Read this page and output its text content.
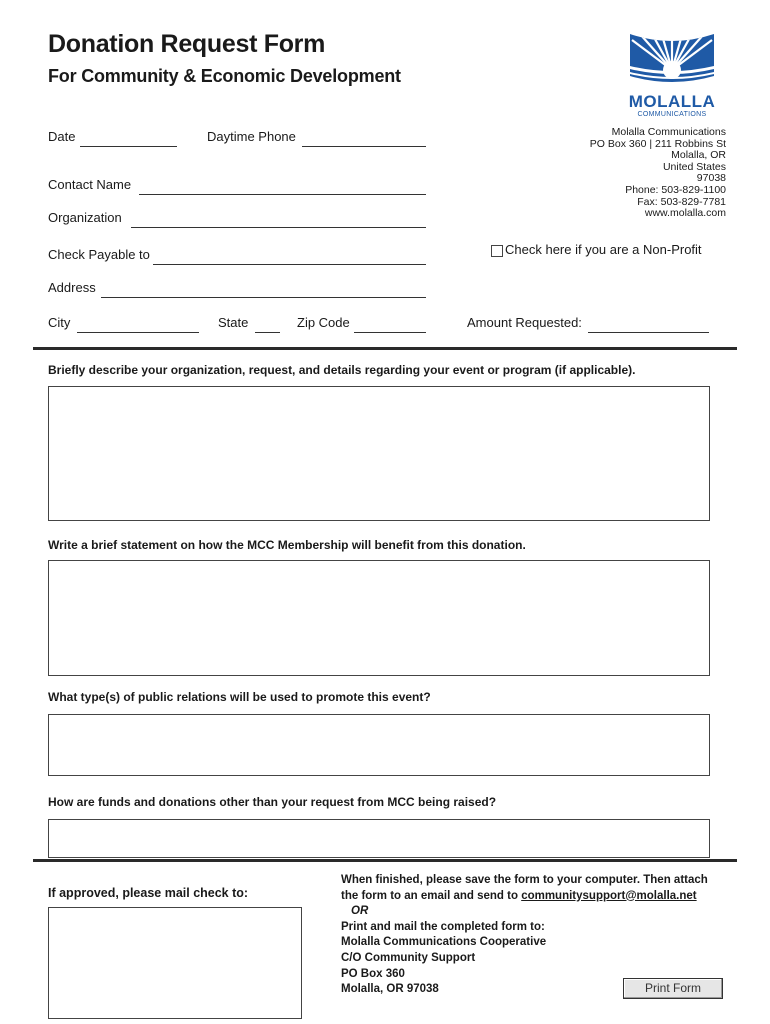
Donation Request Form
For Community & Economic Development
MOLALLA
COMMUNICATIONS
Molalla Communications
PO Box 360 | 211 Robbins St
Molalla, OR
United States
97038
Phone: 503-829-1100
Fax: 503-829-7781
www.molalla.com
Date	Daytime Phone
Contact Name
Organization
Check Payable to	Check here if you are a Non-Profit
Address
City	State	Zip Code	Amount Requested:
Briefly describe your organization, request, and details regarding your event or program (if applicable).
Write a brief statement on how the MCC Membership will benefit from this donation.
What type(s) of public relations will be used to promote this event?
How are funds and donations other than your request from MCC being raised?
If approved, please mail check to:
When finished, please save the form to your computer. Then attach
the form to an email and send to communitysupport@molalla.net
OR
Print and mail the completed form to:
Molalla Communications Cooperative
C/O Community Support
PO Box 360
Molalla, OR 97038	Print Form
